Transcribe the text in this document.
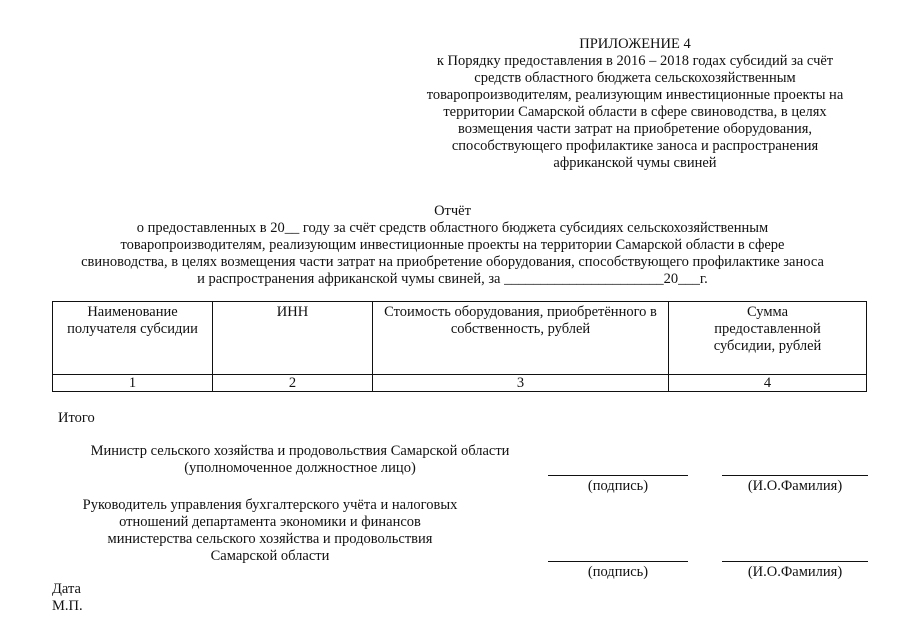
ПРИЛОЖЕНИЕ 4
к Порядку предоставления в 2016 – 2018 годах субсидий за счёт
средств областного бюджета сельскохозяйственным
товаропроизводителям, реализующим инвестиционные проекты на
территории Самарской области в сфере свиноводства, в целях
возмещения части затрат на приобретение оборудования,
способствующего профилактике заноса и распространения
африканской чумы свиней
Отчёт
о предоставленных в 20__ году за счёт средств областного бюджета субсидиях сельскохозяйственным
товаропроизводителям, реализующим инвестиционные проекты на территории Самарской области в сфере
свиноводства, в целях возмещения части затрат на приобретение оборудования, способствующего профилактике заноса
и распространения африканской чумы свиней, за ______________________20___г.
Наименование получателя субсидии	ИНН	Стоимость оборудования, приобретённого в собственность, рублей	Сумма предоставленной субсидии, рублей
1	2	3	4
Итого
Министр сельского хозяйства и продовольствия Самарской области
(уполномоченное должностное лицо)
(подпись)	(И.О.Фамилия)
Руководитель управления бухгалтерского учёта и налоговых
отношений департамента экономики и финансов
министерства сельского хозяйства и продовольствия
Самарской области
(подпись)	(И.О.Фамилия)
Дата
М.П.
